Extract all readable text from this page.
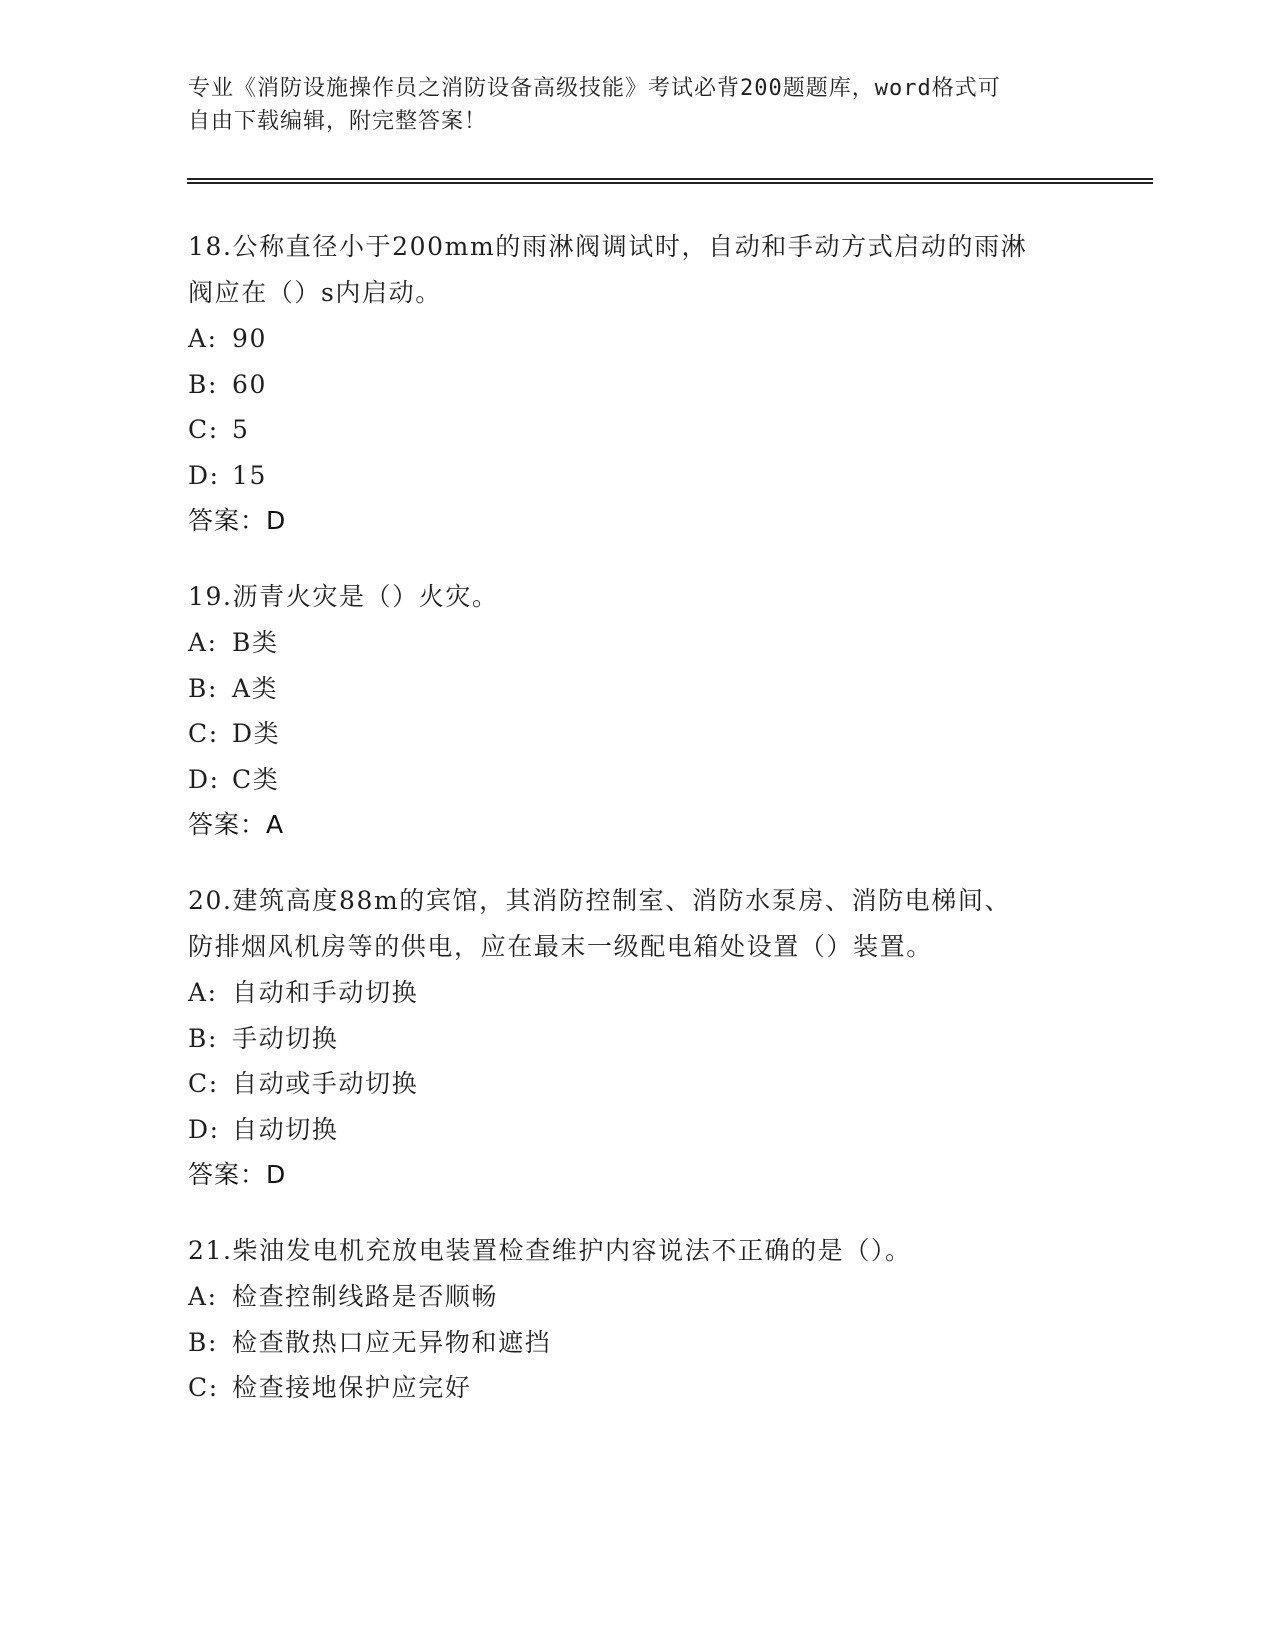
专业《消防设施操作员之消防设备高级技能》考试必背200题题库，word格式可
自由下载编辑，附完整答案！
18.公称直径小于200mm的雨淋阀调试时，自动和手动方式启动的雨淋
阀应在（）s内启动。
A: 90
B: 60
C: 5
D: 15
答案：D
19.沥青火灾是（）火灾。
A: B类
B: A类
C: D类
D: C类
答案：A
20.建筑高度88m的宾馆，其消防控制室、消防水泵房、消防电梯间、
防排烟风机房等的供电，应在最末一级配电箱处设置（）装置。
A: 自动和手动切换
B: 手动切换
C: 自动或手动切换
D: 自动切换
答案：D
21.柴油发电机充放电装置检查维护内容说法不正确的是（）。
A: 检查控制线路是否顺畅
B: 检查散热口应无异物和遮挡
C: 检查接地保护应完好
